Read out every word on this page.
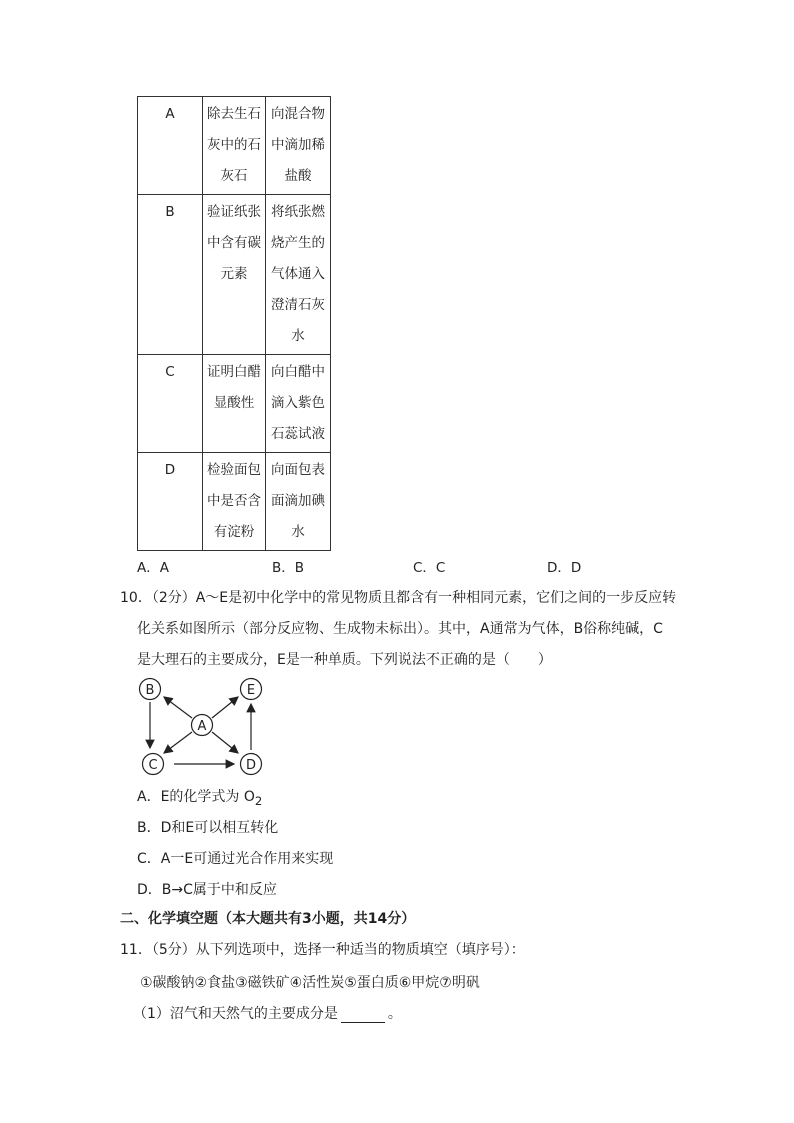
A	除去生石
灰中的石
灰石	向混合物
中滴加稀
盐酸

B	验证纸张
中含有碳
元素	将纸张燃
烧产生的
气体通入
澄清石灰
水

C	证明白醋
显酸性	向白醋中
滴入紫色
石蕊试液

D	检验面包
中是否含
有淀粉	向面包表
面滴加碘
水
A．A	B．B	C．C	D．D
10．（2分）A～E是初中化学中的常见物质且都含有一种相同元素，它们之间的一步反应转
化关系如图所示（部分反应物、生成物未标出）。其中，A通常为气体，B俗称纯碱，C
是大理石的主要成分，E是一种单质。下列说法不正确的是（　　）
B	E
A
C	D
A．E的化学式为 $O_2$
B．D和E可以相互转化
C．A一E可通过光合作用来实现
D．B→C属于中和反应
二、化学填空题（本大题共有3小题，共14分）
11．（5分）从下列选项中，选择一种适当的物质填空（填序号）：
①碳酸钠②食盐③磁铁矿④活性炭⑤蛋白质⑥甲烷⑦明矾
（1）沼气和天然气的主要成分是	。
